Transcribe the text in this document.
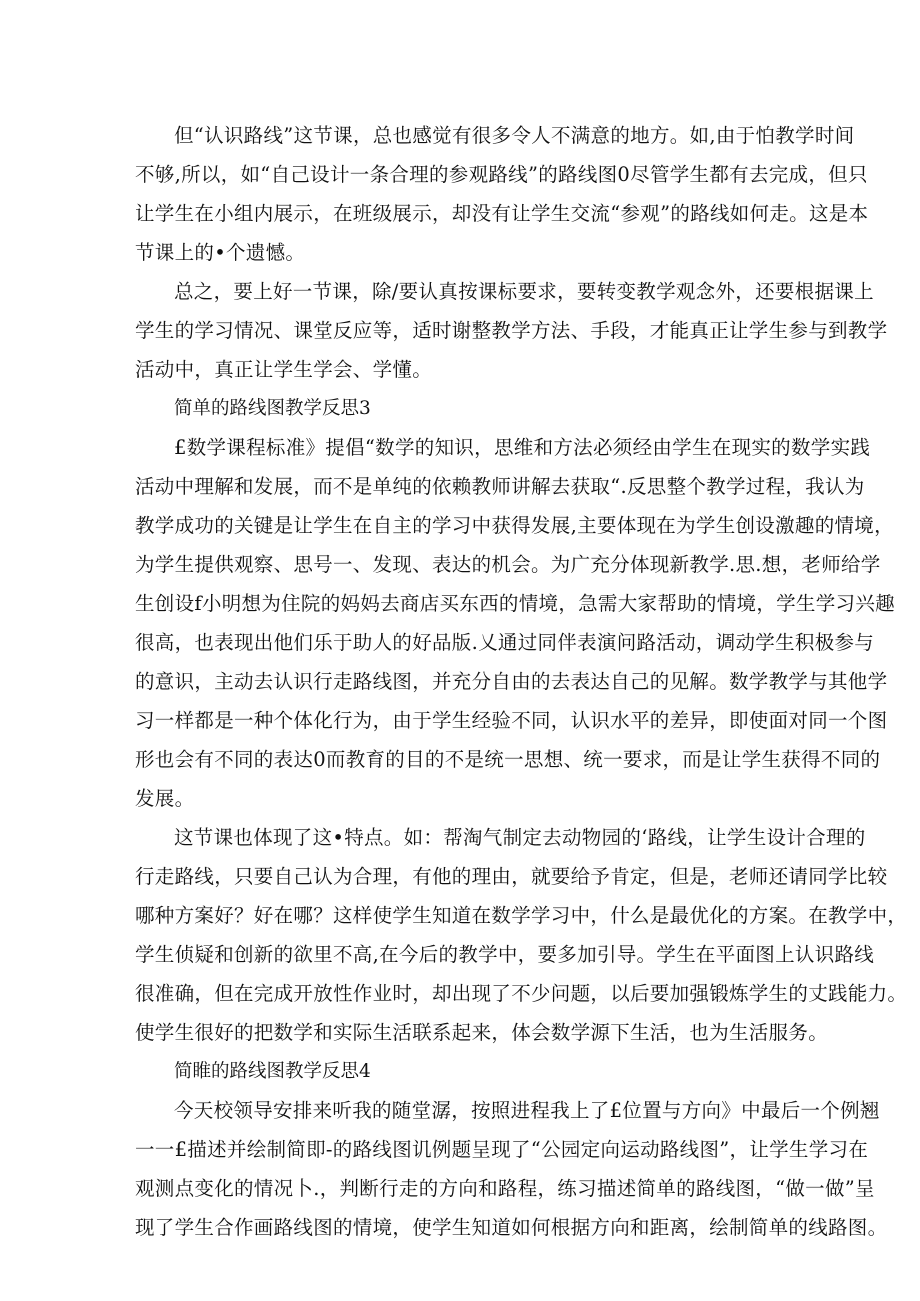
但“认识路线”这节课，总也感觉有很多令人不满意的地方。如,由于怕教学时间
不够,所以，如“自己设计一条合理的参观路线”的路线图0尽管学生都有去完成，但只
让学生在小组内展示，在班级展示，却没有让学生交流“参观”的路线如何走。这是本
节课上的•个遗憾。

总之，要上好一节课，除/要认真按课标要求，要转变教学观念外，还要根据课上
学生的学习情况、课堂反应等，适时谢整教学方法、手段，才能真正让学生参与到教学
活动中，真正让学生学会、学懂。

简单的路线图教学反思3

£数学课程标准》提倡“数学的知识，思维和方法必须经由学生在现实的数学实践
活动中理解和发展，而不是单纯的依赖教师讲解去获取“.反思整个教学过程，我认为
教学成功的关键是让学生在自主的学习中获得发展,主要体现在为学生创设激趣的情境，
为学生提供观察、思号一、发现、表达的机会。为广充分体现新教学.思.想，老师给学
生创设f小明想为住院的妈妈去商店买东西的情境，急需大家帮助的情境，学生学习兴趣
很高，也表现出他们乐于助人的好品版.乂通过同伴表演问路活动，调动学生积极参与
的意识，主动去认识行走路线图，并充分自由的去表达自己的见解。数学教学与其他学
习一样都是一种个体化行为，由于学生经验不同，认识水平的差异，即使面对同一个图
形也会有不同的表达0而教育的目的不是统一思想、统一要求，而是让学生获得不同的
发展。

这节课也体现了这•特点。如：帮淘气制定去动物园的‘路线，让学生设计合理的
行走路线，只要自己认为合理，有他的理由，就要给予肯定，但是，老师还请同学比较
哪种方案好？好在哪？这样使学生知道在数学学习中，什么是最优化的方案。在教学中，
学生侦疑和创新的欲里不高,在今后的教学中，要多加引导。学生在平面图上认识路线
很准确，但在完成开放性作业时，却出现了不少问题，以后要加强锻炼学生的丈践能力。
使学生很好的把数学和实际生活联系起来，体会数学源下生活，也为生活服务。

简睢的路线图教学反思4

今天校领导安排来听我的随堂潺，按照进程我上了£位置与方向》中最后一个例翘
一一£描述并绘制简即-的路线图讥例题呈现了“公园定向运动路线图”，让学生学习在
观测点变化的情况卜.，判断行走的方向和路程，练习描述简单的路线图，“做一做”呈
现了学生合作画路线图的情境，使学生知道如何根据方向和距离，绘制简单的线路图。
